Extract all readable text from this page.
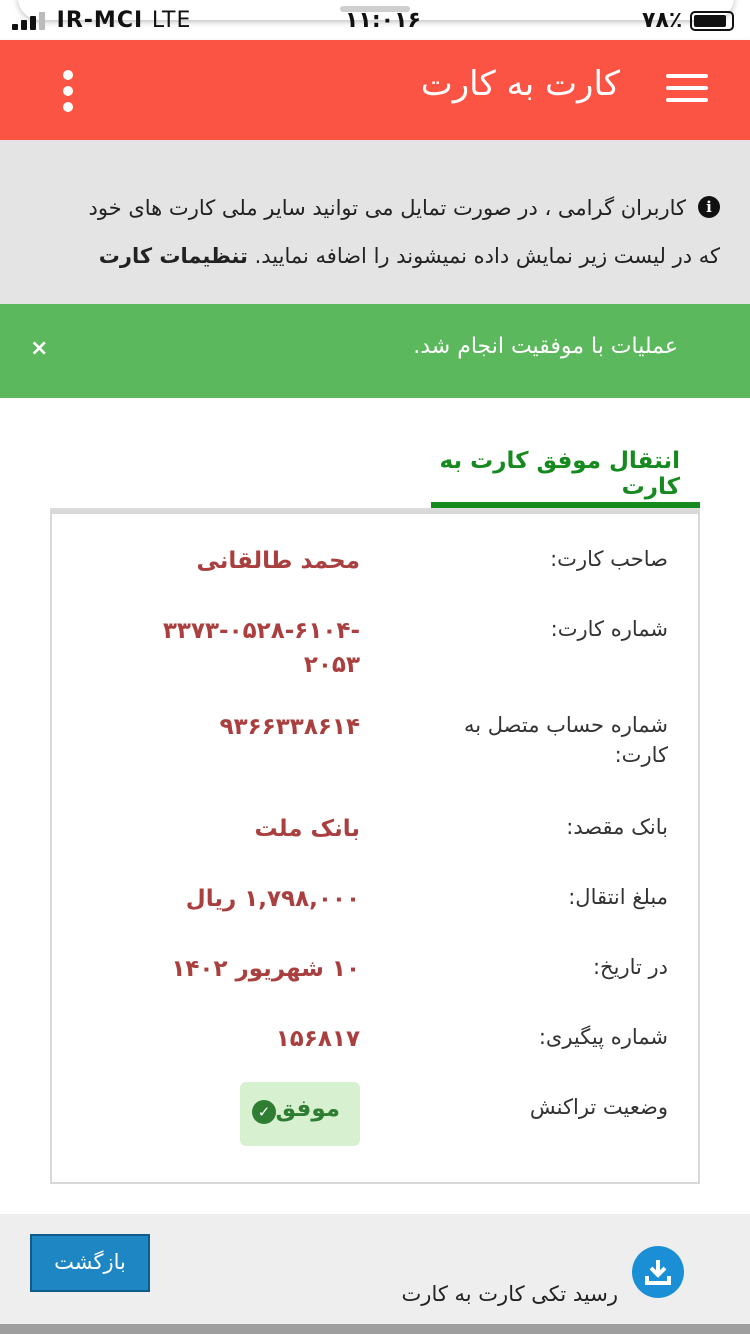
IR-MCI LTE	۱۱:۰۱۶	۷۸٪
کارت به کارت
iکاربران گرامی ، در صورت تمایل می توانید سایر ملی کارت های خود
که در لیست زیر نمایش داده نمیشوند را اضافه نمایید. تنظیمات کارت
عملیات با موفقیت انجام شد.
×
انتقال موفق کارت به کارت
صاحب کارت:
محمد طالقانی
شماره کارت:
-۳۳۷۳-۰۵۲۸-۶۱۰۴ ۲۰۵۳
شماره حساب متصل به کارت:
۹۳۶۶۳۳۸۶۱۴
بانک مقصد:
بانک ملت
مبلغ انتقال:
۱,۷۹۸,۰۰۰ ریال
در تاریخ:
۱۰ شهریور ۱۴۰۲
شماره پیگیری:
۱۵۶۸۱۷
وضعیت تراکنش
موفق
✓
بازگشت
رسید تکی کارت به کارت
